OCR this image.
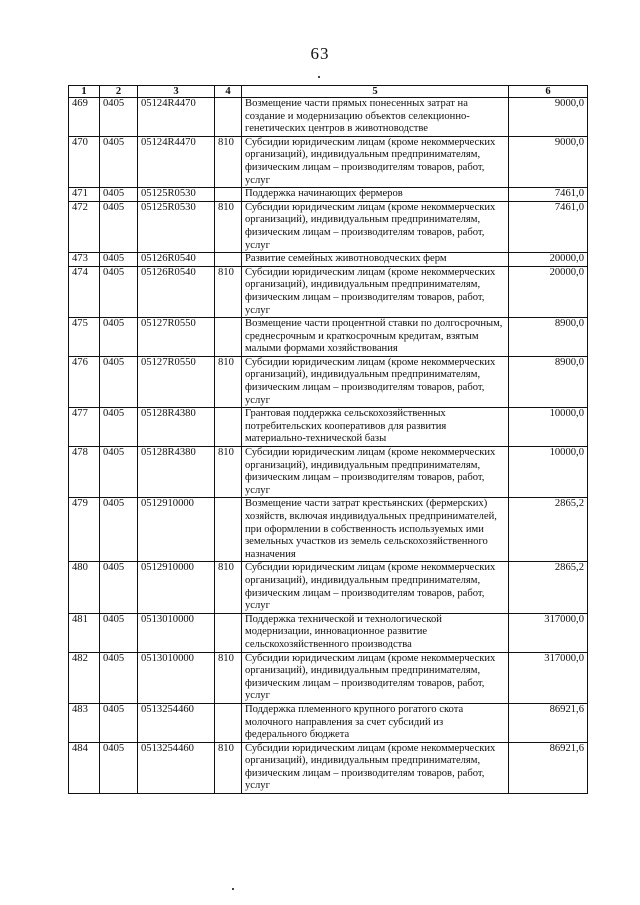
63
1	2	3	4	5	6
469	0405	05124R4470		Возмещение части прямых понесенных затрат на создание и модернизацию объектов селекционно-генетических центров в животноводстве	9000,0
470	0405	05124R4470	810	Субсидии юридическим лицам (кроме некоммерческих организаций), индивидуальным предпринимателям, физическим лицам – производителям товаров, работ, услуг	9000,0
471	0405	05125R0530		Поддержка начинающих фермеров	7461,0
472	0405	05125R0530	810	Субсидии юридическим лицам (кроме некоммерческих организаций), индивидуальным предпринимателям, физическим лицам – производителям товаров, работ, услуг	7461,0
473	0405	05126R0540		Развитие семейных животноводческих ферм	20000,0
474	0405	05126R0540	810	Субсидии юридическим лицам (кроме некоммерческих организаций), индивидуальным предпринимателям, физическим лицам – производителям товаров, работ, услуг	20000,0
475	0405	05127R0550		Возмещение части процентной ставки по долгосрочным, среднесрочным и краткосрочным кредитам, взятым малыми формами хозяйствования	8900,0
476	0405	05127R0550	810	Субсидии юридическим лицам (кроме некоммерческих организаций), индивидуальным предпринимателям, физическим лицам – производителям товаров, работ, услуг	8900,0
477	0405	05128R4380		Грантовая поддержка сельскохозяйственных потребительских кооперативов для развития материально-технической базы	10000,0
478	0405	05128R4380	810	Субсидии юридическим лицам (кроме некоммерческих организаций), индивидуальным предпринимателям, физическим лицам – производителям товаров, работ, услуг	10000,0
479	0405	0512910000		Возмещение части затрат крестьянских (фермерских) хозяйств, включая индивидуальных предпринимателей, при оформлении в собственность используемых ими земельных участков из земель сельскохозяйственного назначения	2865,2
480	0405	0512910000	810	Субсидии юридическим лицам (кроме некоммерческих организаций), индивидуальным предпринимателям, физическим лицам – производителям товаров, работ, услуг	2865,2
481	0405	0513010000		Поддержка технической и технологической модернизации, инновационное развитие сельскохозяйственного производства	317000,0
482	0405	0513010000	810	Субсидии юридическим лицам (кроме некоммерческих организаций), индивидуальным предпринимателям, физическим лицам – производителям товаров, работ, услуг	317000,0
483	0405	0513254460		Поддержка племенного крупного рогатого скота молочного направления за счет субсидий из федерального бюджета	86921,6
484	0405	0513254460	810	Субсидии юридическим лицам (кроме некоммерческих организаций), индивидуальным предпринимателям, физическим лицам – производителям товаров, работ, услуг	86921,6
